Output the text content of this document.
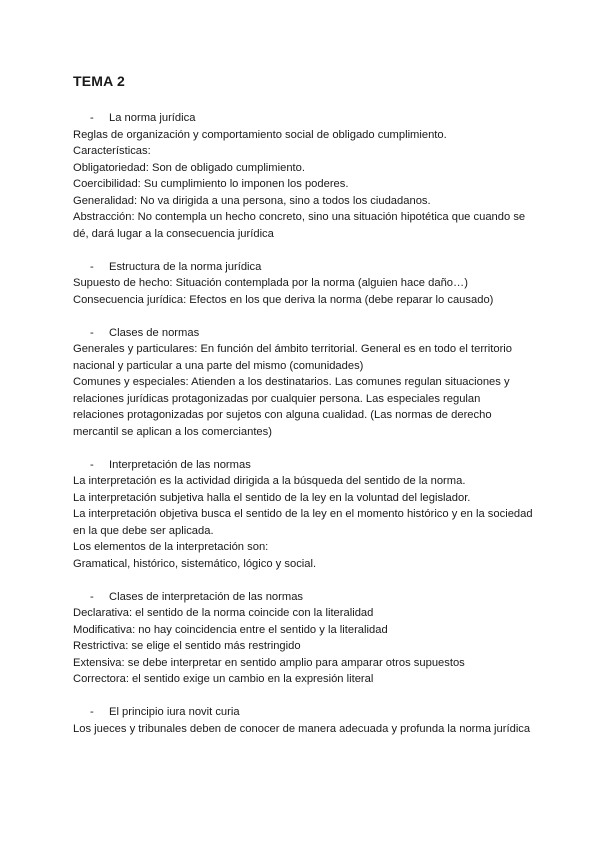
TEMA 2
- La norma jurídica
Reglas de organización y comportamiento social de obligado cumplimiento.
Características:
Obligatoriedad: Son de obligado cumplimiento.
Coercibilidad: Su cumplimiento lo imponen los poderes.
Generalidad: No va dirigida a una persona, sino a todos los ciudadanos.
Abstracción: No contempla un hecho concreto, sino una situación hipotética que cuando se dé, dará lugar a la consecuencia jurídica
- Estructura de la norma jurídica
Supuesto de hecho: Situación contemplada por la norma (alguien hace daño…)
Consecuencia jurídica: Efectos en los que deriva la norma (debe reparar lo causado)
- Clases de normas
Generales y particulares: En función del ámbito territorial. General es en todo el territorio nacional y particular a una parte del mismo (comunidades)
Comunes y especiales: Atienden a los destinatarios. Las comunes regulan situaciones y relaciones jurídicas protagonizadas por cualquier persona. Las especiales regulan relaciones protagonizadas por sujetos con alguna cualidad. (Las normas de derecho mercantil se aplican a los comerciantes)
- Interpretación de las normas
La interpretación es la actividad dirigida a la búsqueda del sentido de la norma.
La interpretación subjetiva halla el sentido de la ley en la voluntad del legislador.
La interpretación objetiva busca el sentido de la ley en el momento histórico y en la sociedad en la que debe ser aplicada.
Los elementos de la interpretación son:
Gramatical, histórico, sistemático, lógico y social.
- Clases de interpretación de las normas
Declarativa: el sentido de la norma coincide con la literalidad
Modificativa: no hay coincidencia entre el sentido y la literalidad
Restrictiva: se elige el sentido más restringido
Extensiva: se debe interpretar en sentido amplio para amparar otros supuestos
Correctora: el sentido exige un cambio en la expresión literal
- El principio iura novit curia
Los jueces y tribunales deben de conocer de manera adecuada y profunda la norma jurídica
